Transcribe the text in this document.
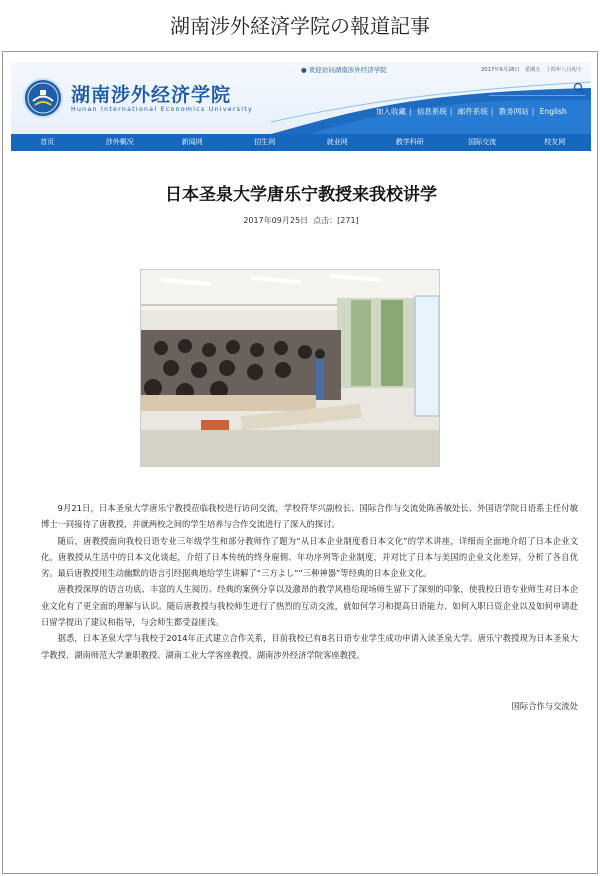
湖南涉外経済学院の報道記事
湖南涉外经济学院
Hunan International Economics University
● 欢迎访问湖南涉外经济学院	2017年9月28日　星期五　丁酉年八月初十
加入收藏 | 信息系统 | 邮件系统 | 教务网站 | English
首页	涉外概况	新闻网	招生网	就业网	教学科研	国际交流	校友网
日本圣泉大学唐乐宁教授来我校讲学
2017年09月25日 点击：[271]

9月21日，日本圣泉大学唐乐宁教授莅临我校进行访问交流，学校符华兴副校长、国际合作与交流处陈善敏处长、外国语学院日语系主任付敏博士一同接待了唐教授，并就两校之间的学生培养与合作交流进行了深入的探讨。

随后，唐教授面向我校日语专业三年级学生和部分教师作了题为“从日本企业制度看日本文化”的学术讲座，详细而全面地介绍了日本企业文化。唐教授从生活中的日本文化谈起，介绍了日本传统的终身雇佣、年功序列等企业制度，并对比了日本与美国的企业文化差异，分析了各自优劣。最后唐教授用生动幽默的语言引经据典地给学生讲解了“三方よし”“三种神器”等经典的日本企业文化。

唐教授深厚的语言功底、丰富的人生阅历、经典的案例分享以及激昂的教学风格给现场师生留下了深刻的印象，使我校日语专业师生对日本企业文化有了更全面的理解与认识。随后唐教授与我校师生进行了热烈的互动交流，就如何学习和提高日语能力、如何入职日资企业以及如何申请赴日留学提出了建议和指导，与会师生都受益匪浅。

据悉，日本圣泉大学与我校于2014年正式建立合作关系，目前我校已有8名日语专业学生成功申请入读圣泉大学。唐乐宁教授现为日本圣泉大学教授、湖南师范大学兼职教授、湖南工业大学客座教授、湖南涉外经济学院客座教授。

国际合作与交流处
